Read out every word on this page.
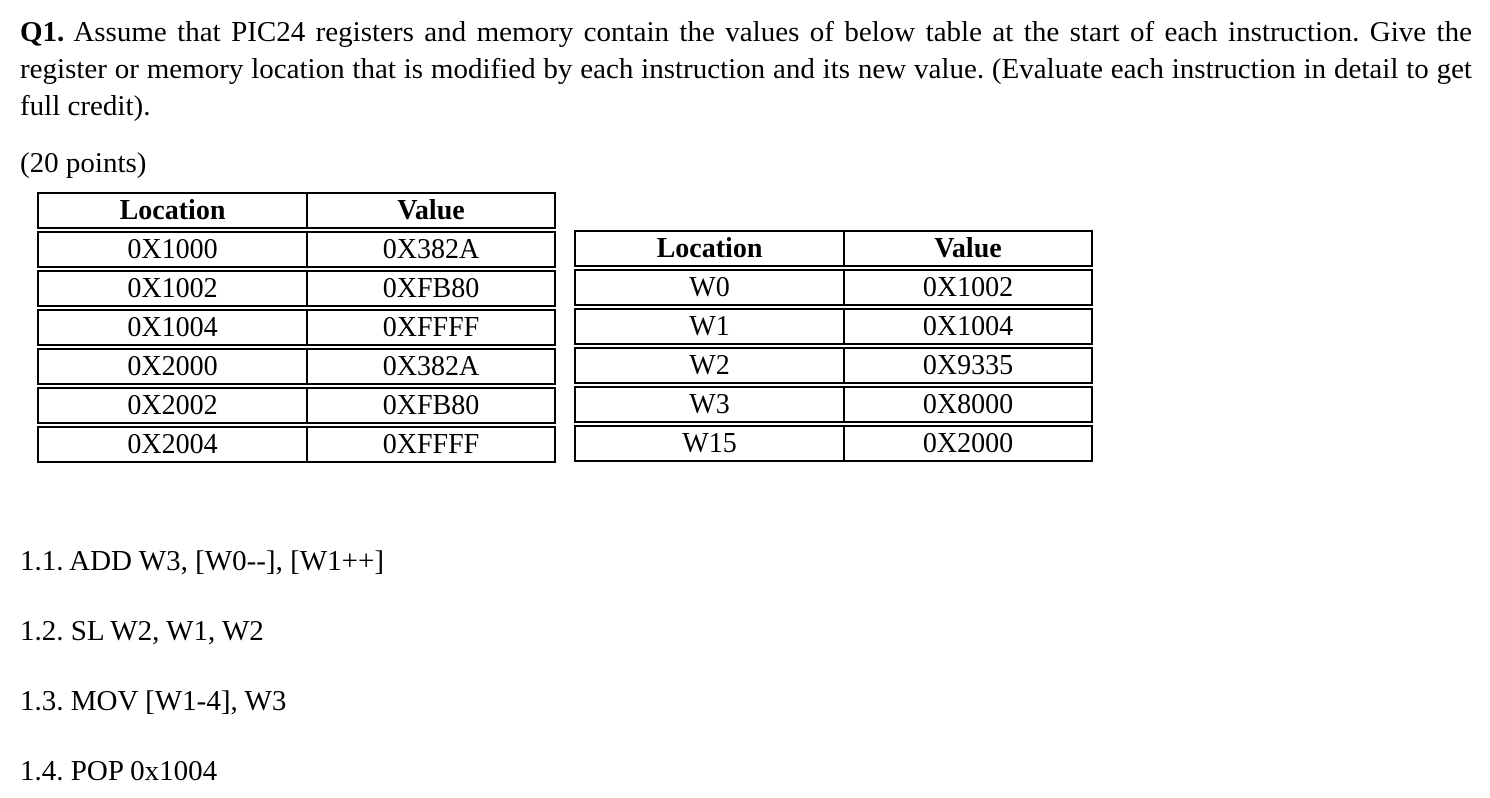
Q1. Assume that PIC24 registers and memory contain the values of below table at the start of each instruction. Give the register or memory location that is modified by each instruction and its new value. (Evaluate each instruction in detail to get full credit).

(20 points)

Location	Value
0X1000	0X382A
0X1002	0XFB80
0X1004	0XFFFF
0X2000	0X382A
0X2002	0XFB80
0X2004	0XFFFF
Location	Value
W0	0X1002
W1	0X1004
W2	0X9335
W3	0X8000
W15	0X2000

1.1. ADD W3, [W0--], [W1++]

1.2. SL W2, W1, W2

1.3. MOV [W1-4], W3

1.4. POP 0x1004
